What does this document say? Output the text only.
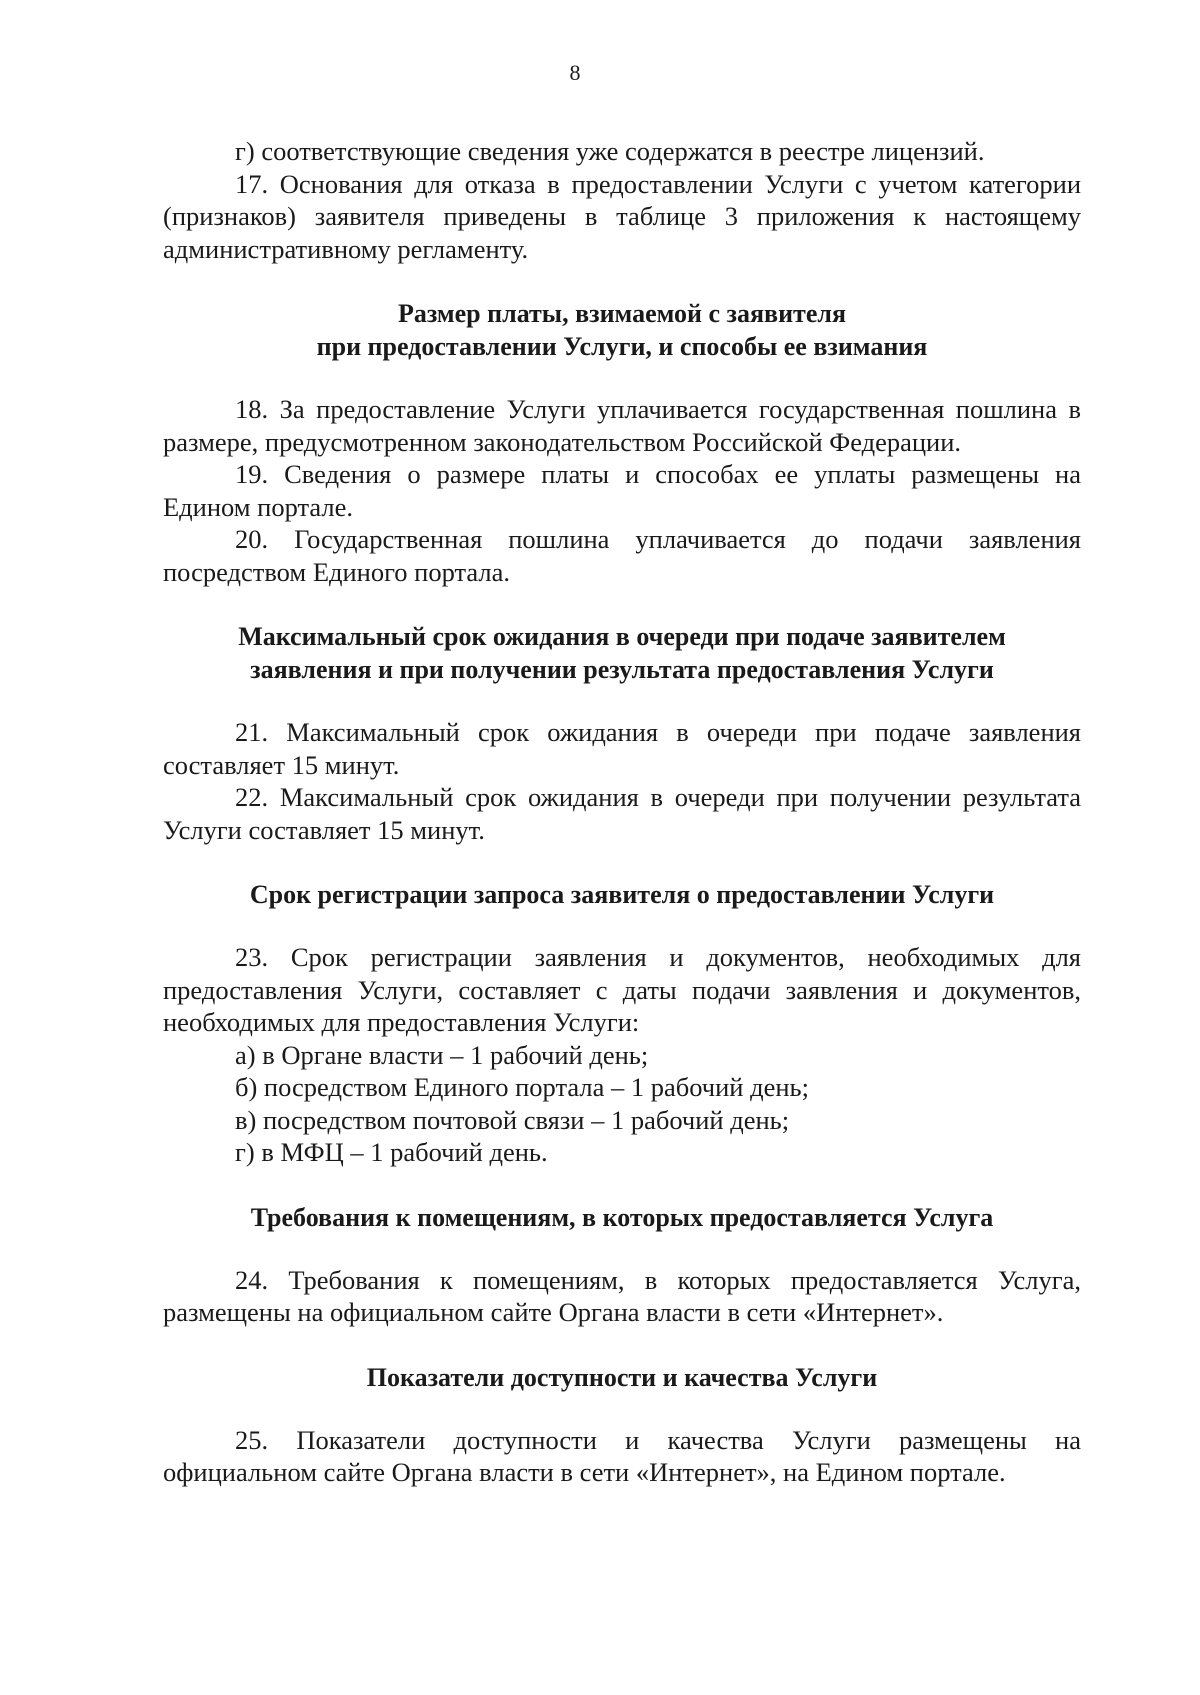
8

г) соответствующие сведения уже содержатся в реестре лицензий.

17. Основания для отказа в предоставлении Услуги с учетом категории (признаков) заявителя приведены в таблице 3 приложения к настоящему административному регламенту.

Размер платы, взимаемой с заявителя
при предоставлении Услуги, и способы ее взимания

18. За предоставление Услуги уплачивается государственная пошлина в размере, предусмотренном законодательством Российской Федерации.

19. Сведения о размере платы и способах ее уплаты размещены на Едином портале.

20. Государственная пошлина уплачивается до подачи заявления посредством Единого портала.

Максимальный срок ожидания в очереди при подаче заявителем
заявления и при получении результата предоставления Услуги

21. Максимальный срок ожидания в очереди при подаче заявления составляет 15 минут.

22. Максимальный срок ожидания в очереди при получении результата Услуги составляет 15 минут.

Срок регистрации запроса заявителя о предоставлении Услуги

23. Срок регистрации заявления и документов, необходимых для предоставления Услуги, составляет с даты подачи заявления и документов, необходимых для предоставления Услуги:

а) в Органе власти – 1 рабочий день;

б) посредством Единого портала – 1 рабочий день;

в) посредством почтовой связи – 1 рабочий день;

г) в МФЦ – 1 рабочий день.

Требования к помещениям, в которых предоставляется Услуга

24. Требования к помещениям, в которых предоставляется Услуга, размещены на официальном сайте Органа власти в сети «Интернет».

Показатели доступности и качества Услуги

25. Показатели доступности и качества Услуги размещены на официальном сайте Органа власти в сети «Интернет», на Едином портале.
